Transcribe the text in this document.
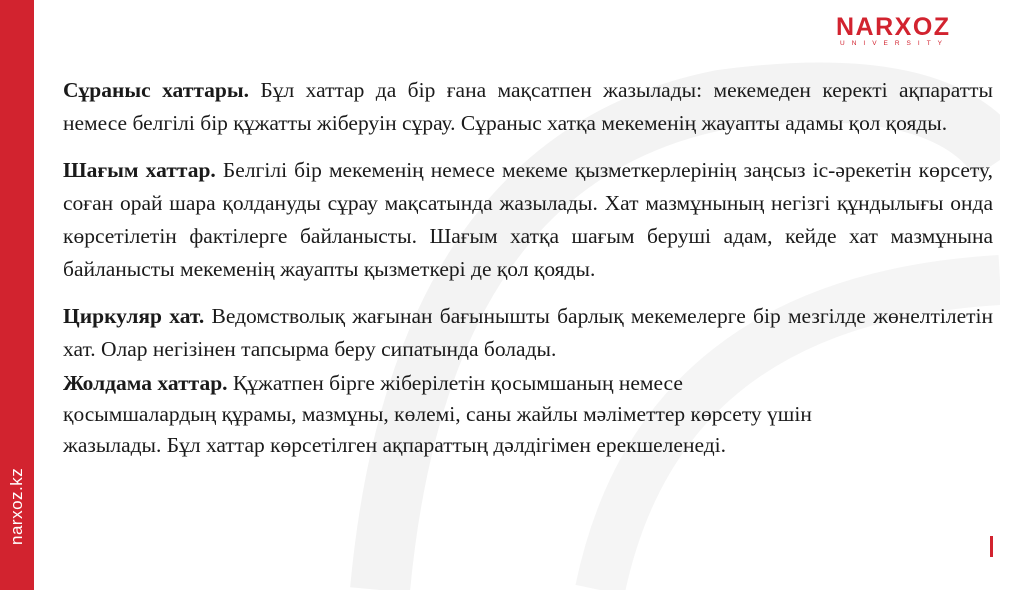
narxoz.kz
NARXOZ
UNIVERSITY

Сұраныс хаттары. Бұл хаттар да бір ғана мақсатпен жазылады: мекемеден керекті ақпаратты немесе белгілі бір құжатты жіберуін сұрау. Сұраныс хатқа мекеменің жауапты адамы қол қояды.

Шағым хаттар. Белгілі бір мекеменің немесе мекеме қызметкерлерінің заңсыз іс-әрекетін көрсету, соған орай шара қолдануды сұрау мақсатында жазылады. Хат мазмұнының негізгі құндылығы онда көрсетілетін фактілерге байланысты. Шағым хатқа шағым беруші адам, кейде хат мазмұнына байланысты мекеменің жауапты қызметкері де қол қояды.

Циркуляр хат. Ведомстволық жағынан бағынышты барлық мекемелерге бір мезгілде жөнелтілетін хат. Олар негізінен тапсырма беру сипатында болады.

Жолдама хаттар. Құжатпен бірге жіберілетін қосымшаның немесе
қосымшалардың құрамы, мазмұны, көлемі, саны жайлы мәліметтер көрсету үшін
жазылады. Бұл хаттар көрсетілген ақпараттың дәлдігімен ерекшеленеді.
